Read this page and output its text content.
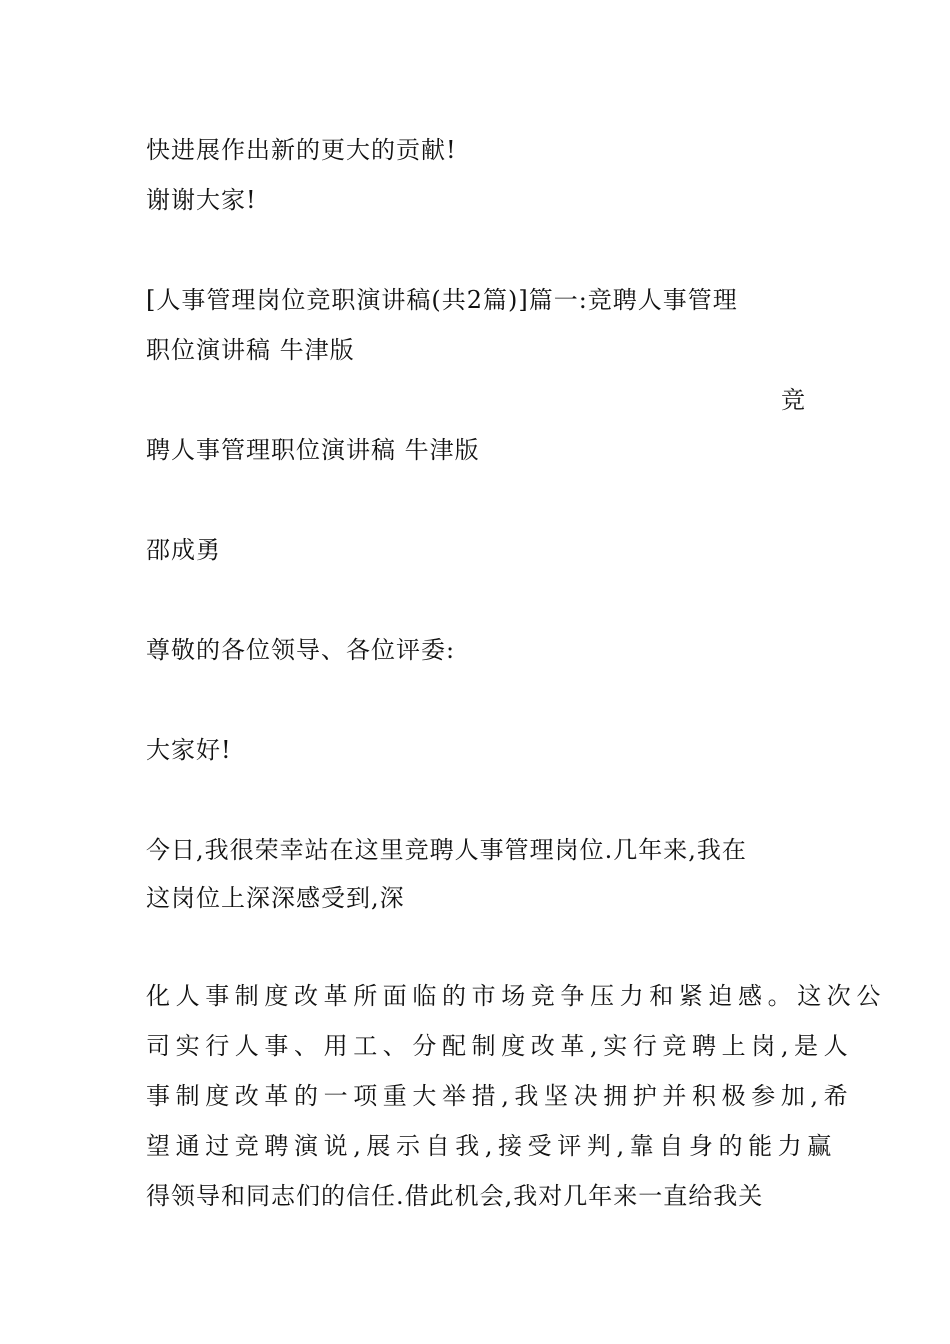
快进展作出新的更大的贡献!
谢谢大家!
[人事管理岗位竞职演讲稿(共2篇)]篇一:竞聘人事管理
职位演讲稿 牛津版
竞
聘人事管理职位演讲稿 牛津版
邵成勇
尊敬的各位领导、各位评委:
大家好!
今日,我很荣幸站在这里竞聘人事管理岗位.几年来,我在
这岗位上深深感受到,深
化人事制度改革所面临的市场竞争压力和紧迫感。这次公
司实行人事、用工、分配制度改革,实行竞聘上岗,是人
事制度改革的一项重大举措,我坚决拥护并积极参加,希
望通过竞聘演说,展示自我,接受评判,靠自身的能力赢
得领导和同志们的信任.借此机会,我对几年来一直给我关
